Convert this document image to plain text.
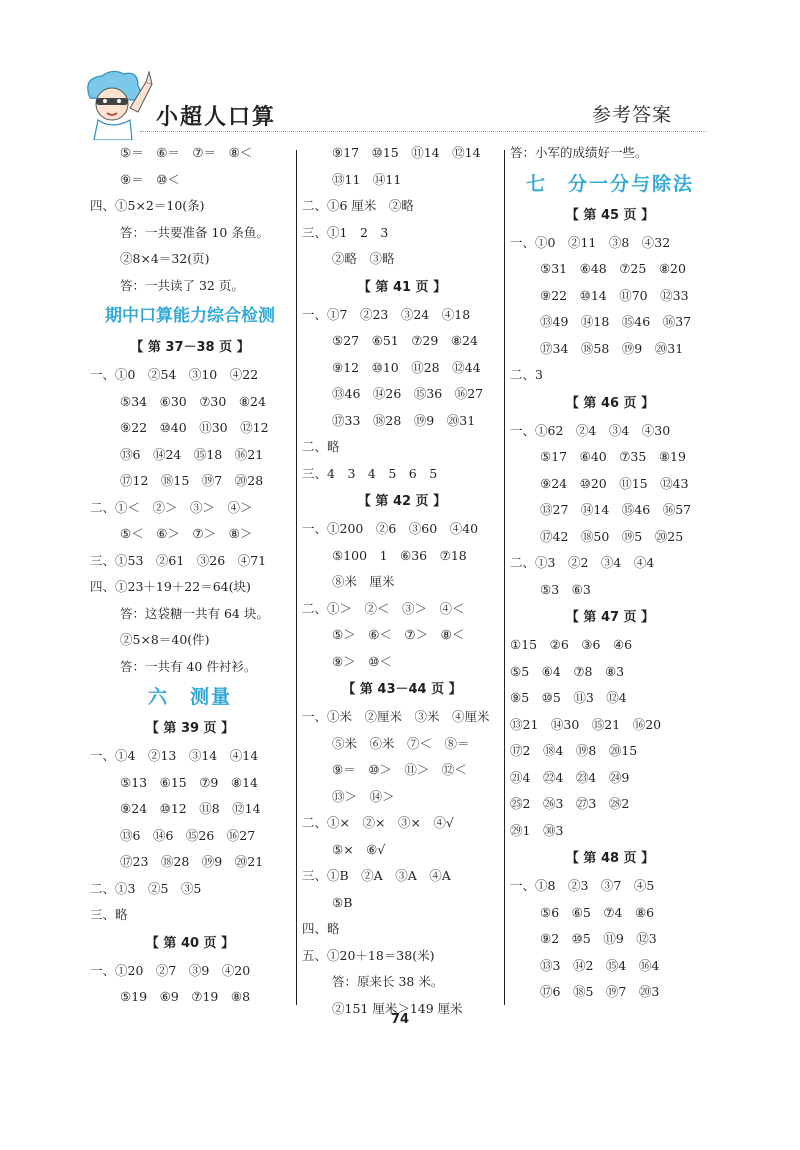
小超人口算	参考答案
⑤＝　⑥＝　⑦＝　⑧＜
⑨＝　⑩＜
四、①5×2＝10(条)
答：一共要准备 10 条鱼。
②8×4＝32(页)
答：一共读了 32 页。
期中口算能力综合检测
【 第 37－38 页 】
一、①0　②54　③10　④22
⑤34　⑥30　⑦30　⑧24
⑨22　⑩40　⑪30　⑫12
⑬6　⑭24　⑮18　⑯21
⑰12　⑱15　⑲7　⑳28
二、①＜　②＞　③＞　④＞
⑤＜　⑥＞　⑦＞　⑧＞
三、①53　②61　③26　④71
四、①23＋19＋22＝64(块)
答：这袋糖一共有 64 块。
②5×8＝40(件)
答：一共有 40 件衬衫。
六　测量
【 第 39 页 】
一、①4　②13　③14　④14
⑤13　⑥15　⑦9　⑧14
⑨24　⑩12　⑪8　⑫14
⑬6　⑭6　⑮26　⑯27
⑰23　⑱28　⑲9　⑳21
二、①3　②5　③5
三、略
【 第 40 页 】
一、①20　②7　③9　④20
⑤19　⑥9　⑦19　⑧8
⑨17　⑩15　⑪14　⑫14
⑬11　⑭11
二、①6 厘米　②略
三、①1　2　3
②略　③略
【 第 41 页 】
一、①7　②23　③24　④18
⑤27　⑥51　⑦29　⑧24
⑨12　⑩10　⑪28　⑫44
⑬46　⑭26　⑮36　⑯27
⑰33　⑱28　⑲9　⑳31
二、略
三、4　3　4　5　6　5
【 第 42 页 】
一、①200　②6　③60　④40
⑤100　1　⑥36　⑦18
⑧米　厘米
二、①＞　②＜　③＞　④＜
⑤＞　⑥＜　⑦＞　⑧＜
⑨＞　⑩＜
【 第 43－44 页 】
一、①米　②厘米　③米　④厘米
⑤米　⑥米　⑦＜　⑧＝
⑨＝　⑩＞　⑪＞　⑫＜
⑬＞　⑭＞
二、①×　②×　③×　④√
⑤×　⑥√
三、①B　②A　③A　④A
⑤B
四、略
五、①20＋18＝38(米)
答：原来长 38 米。
②151 厘米＞149 厘米
答：小军的成绩好一些。
七　分一分与除法
【 第 45 页 】
一、①0　②11　③8　④32
⑤31　⑥48　⑦25　⑧20
⑨22　⑩14　⑪70　⑫33
⑬49　⑭18　⑮46　⑯37
⑰34　⑱58　⑲9　⑳31
二、3
【 第 46 页 】
一、①62　②4　③4　④30
⑤17　⑥40　⑦35　⑧19
⑨24　⑩20　⑪15　⑫43
⑬27　⑭14　⑮46　⑯57
⑰42　⑱50　⑲5　⑳25
二、①3　②2　③4　④4
⑤3　⑥3
【 第 47 页 】
①15　②6　③6　④6
⑤5　⑥4　⑦8　⑧3
⑨5　⑩5　⑪3　⑫4
⑬21　⑭30　⑮21　⑯20
⑰2　⑱4　⑲8　⑳15
㉑4　㉒4　㉓4　㉔9
㉕2　㉖3　㉗3　㉘2
㉙1　㉚3
【 第 48 页 】
一、①8　②3　③7　④5
⑤6　⑥5　⑦4　⑧6
⑨2　⑩5　⑪9　⑫3
⑬3　⑭2　⑮4　⑯4
⑰6　⑱5　⑲7　⑳3
74
